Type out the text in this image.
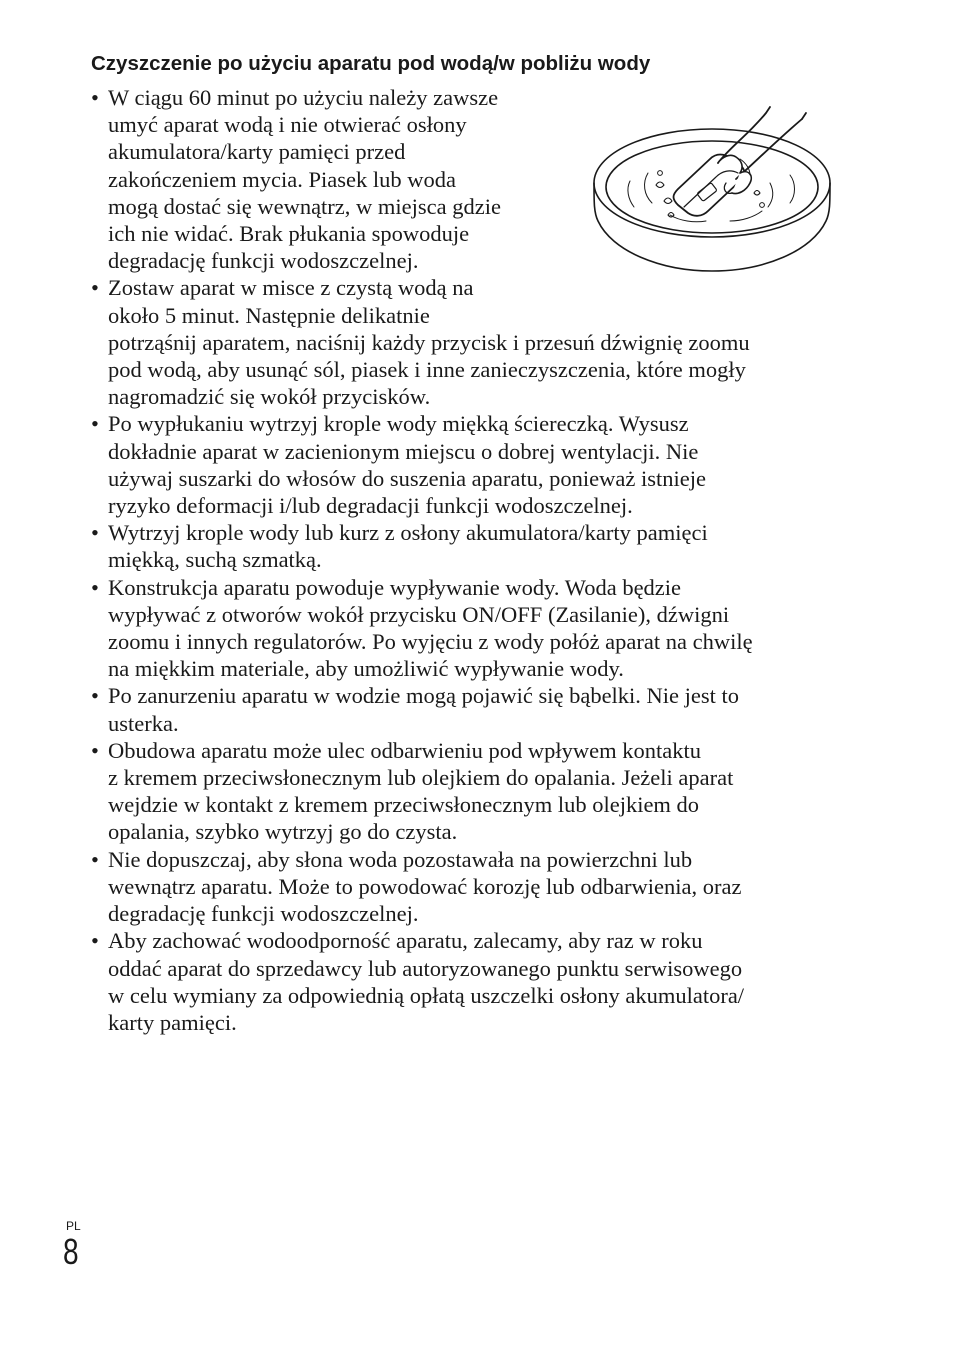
Czyszczenie po użyciu aparatu pod wodą/w pobliżu wody
• W ciągu 60 minut po użyciu należy zawsze
umyć aparat wodą i nie otwierać osłony
akumulatora/karty pamięci przed
zakończeniem mycia. Piasek lub woda
mogą dostać się wewnątrz, w miejsca gdzie
ich nie widać. Brak płukania spowoduje
degradację funkcji wodoszczelnej.
• Zostaw aparat w misce z czystą wodą na
około 5 minut. Następnie delikatnie
potrząśnij aparatem, naciśnij każdy przycisk i przesuń dźwignię zoomu
pod wodą, aby usunąć sól, piasek i inne zanieczyszczenia, które mogły
nagromadzić się wokół przycisków.
• Po wypłukaniu wytrzyj krople wody miękką ściereczką. Wysusz
dokładnie aparat w zacienionym miejscu o dobrej wentylacji. Nie
używaj suszarki do włosów do suszenia aparatu, ponieważ istnieje
ryzyko deformacji i/lub degradacji funkcji wodoszczelnej.
• Wytrzyj krople wody lub kurz z osłony akumulatora/karty pamięci
miękką, suchą szmatką.
• Konstrukcja aparatu powoduje wypływanie wody. Woda będzie
wypływać z otworów wokół przycisku ON/OFF (Zasilanie), dźwigni
zoomu i innych regulatorów. Po wyjęciu z wody połóż aparat na chwilę
na miękkim materiale, aby umożliwić wypływanie wody.
• Po zanurzeniu aparatu w wodzie mogą pojawić się bąbelki. Nie jest to
usterka.
• Obudowa aparatu może ulec odbarwieniu pod wpływem kontaktu
z kremem przeciwsłonecznym lub olejkiem do opalania. Jeżeli aparat
wejdzie w kontakt z kremem przeciwsłonecznym lub olejkiem do
opalania, szybko wytrzyj go do czysta.
• Nie dopuszczaj, aby słona woda pozostawała na powierzchni lub
wewnątrz aparatu. Może to powodować korozję lub odbarwienia, oraz
degradację funkcji wodoszczelnej.
• Aby zachować wodoodporność aparatu, zalecamy, aby raz w roku
oddać aparat do sprzedawcy lub autoryzowanego punktu serwisowego
w celu wymiany za odpowiednią opłatą uszczelki osłony akumulatora/
karty pamięci.
PL
8
